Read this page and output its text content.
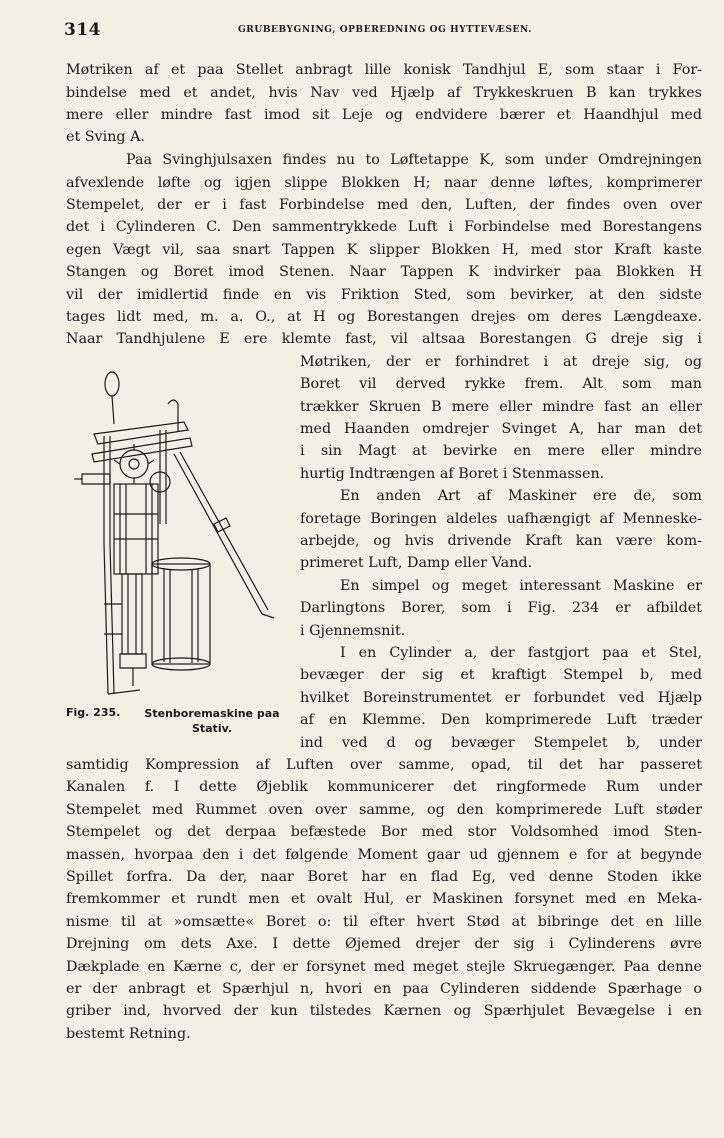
314	GRUBEBYGNING, OPBEREDNING OG HYTTEVÆSEN.

Møtriken af et paa Stellet anbragt lille konisk Tandhjul E, som staar i For-

bindelse med et andet, hvis Nav ved Hjælp af Trykkeskruen B kan trykkes

mere eller mindre fast imod sit Leje og endvidere bærer et Haandhjul med

et Sving A.

Paa Svinghjulsaxen findes nu to Løftetappe K, som under Omdrejningen

afvexlende løfte og igjen slippe Blokken H; naar denne løftes, komprimerer

Stempelet, der er i fast Forbindelse med den, Luften, der findes oven over

det i Cylinderen C. Den sammentrykkede Luft i Forbindelse med Borestangens

egen Vægt vil, saa snart Tappen K slipper Blokken H, med stor Kraft kaste

Stangen og Boret imod Stenen. Naar Tappen K indvirker paa Blokken H

vil der imidlertid finde en vis Friktion Sted, som bevirker, at den sidste

tages lidt med, m. a. O., at H og Borestangen drejes om deres Længdeaxe.

Naar Tandhjulene E ere klemte fast, vil altsaa Borestangen G dreje sig i

Møtriken, der er forhindret i at dreje sig, og

Boret vil derved rykke frem. Alt som man

trækker Skruen B mere eller mindre fast an eller

med Haanden omdrejer Svinget A, har man det

i sin Magt at bevirke en mere eller mindre

hurtig Indtrængen af Boret i Stenmassen.

En anden Art af Maskiner ere de, som

foretage Boringen aldeles uafhængigt af Menneske-

arbejde, og hvis drivende Kraft kan være kom-

primeret Luft, Damp eller Vand.

En simpel og meget interessant Maskine er

Darlingtons Borer, som i Fig. 234 er afbildet

i Gjennemsnit.

I en Cylinder a, der fastgjort paa et Stel,

bevæger der sig et kraftigt Stempel b, med

hvilket Boreinstrumentet er forbundet ved Hjælp

af en Klemme. Den komprimerede Luft træder

ind ved d og bevæger Stempelet b, under

samtidig Kompression af Luften over samme, opad, til det har passeret

Kanalen f. I dette Øjeblik kommunicerer det ringformede Rum under

Stempelet med Rummet oven over samme, og den komprimerede Luft støder

Stempelet og det derpaa befæstede Bor med stor Voldsomhed imod Sten-

massen, hvorpaa den i det følgende Moment gaar ud gjennem e for at begynde

Spillet forfra. Da der, naar Boret har en flad Eg, ved denne Stoden ikke

fremkommer et rundt men et ovalt Hul, er Maskinen forsynet med en Meka-

nisme til at »omsætte« Boret o: til efter hvert Stød at bibringe det en lille

Drejning om dets Axe. I dette Øjemed drejer der sig i Cylinderens øvre

Dækplade en Kærne c, der er forsynet med meget stejle Skruegænger. Paa denne

er der anbragt et Spærhjul n, hvori en paa Cylinderen siddende Spærhage o

griber ind, hvorved der kun tilstedes Kærnen og Spærhjulet Bevægelse i en

bestemt Retning.

Fig. 235. Stenboremaskine paa Stativ.
